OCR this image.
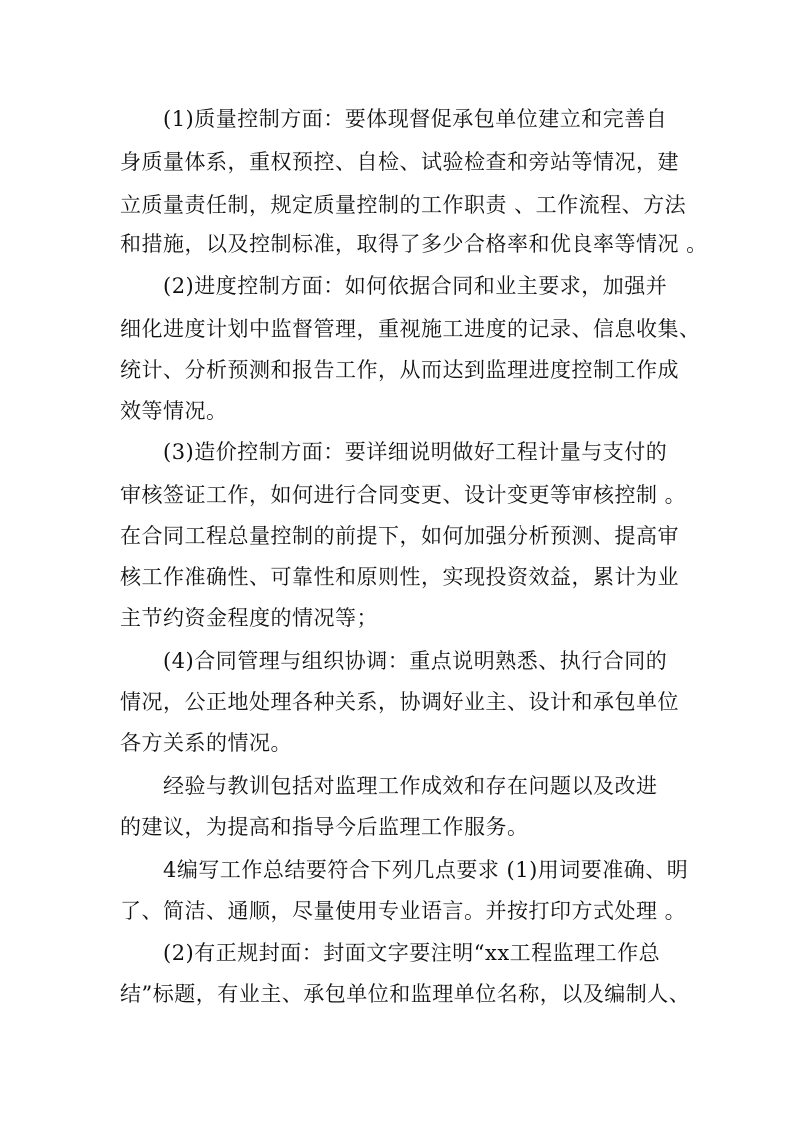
(1)质量控制方面：要体现督促承包单位建立和完善自
身质量体系，重权预控、自检、试验检查和旁站等情况，建
立质量责任制，规定质量控制的工作职责 、工作流程、方法
和措施，以及控制标准，取得了多少合格率和优良率等情况 。
(2)进度控制方面：如何依据合同和业主要求，加强并
细化进度计划中监督管理，重视施工进度的记录、信息收集、
统计、分析预测和报告工作，从而达到监理进度控制工作成
效等情况。
(3)造价控制方面：要详细说明做好工程计量与支付的
审核签证工作，如何进行合同变更、设计变更等审核控制 。
在合同工程总量控制的前提下，如何加强分析预测、提高审
核工作准确性、可靠性和原则性，实现投资效益，累计为业
主节约资金程度的情况等；
(4)合同管理与组织协调：重点说明熟悉、执行合同的
情况，公正地处理各种关系，协调好业主、设计和承包单位
各方关系的情况。
经验与教训包括对监理工作成效和存在问题以及改进
的建议，为提高和指导今后监理工作服务。
4编写工作总结要符合下列几点要求 (1)用词要准确、明
了、简洁、通顺，尽量使用专业语言。并按打印方式处理 。
(2)有正规封面：封面文字要注明“xx工程监理工作总
结”标题，有业主、承包单位和监理单位名称，以及编制人、
